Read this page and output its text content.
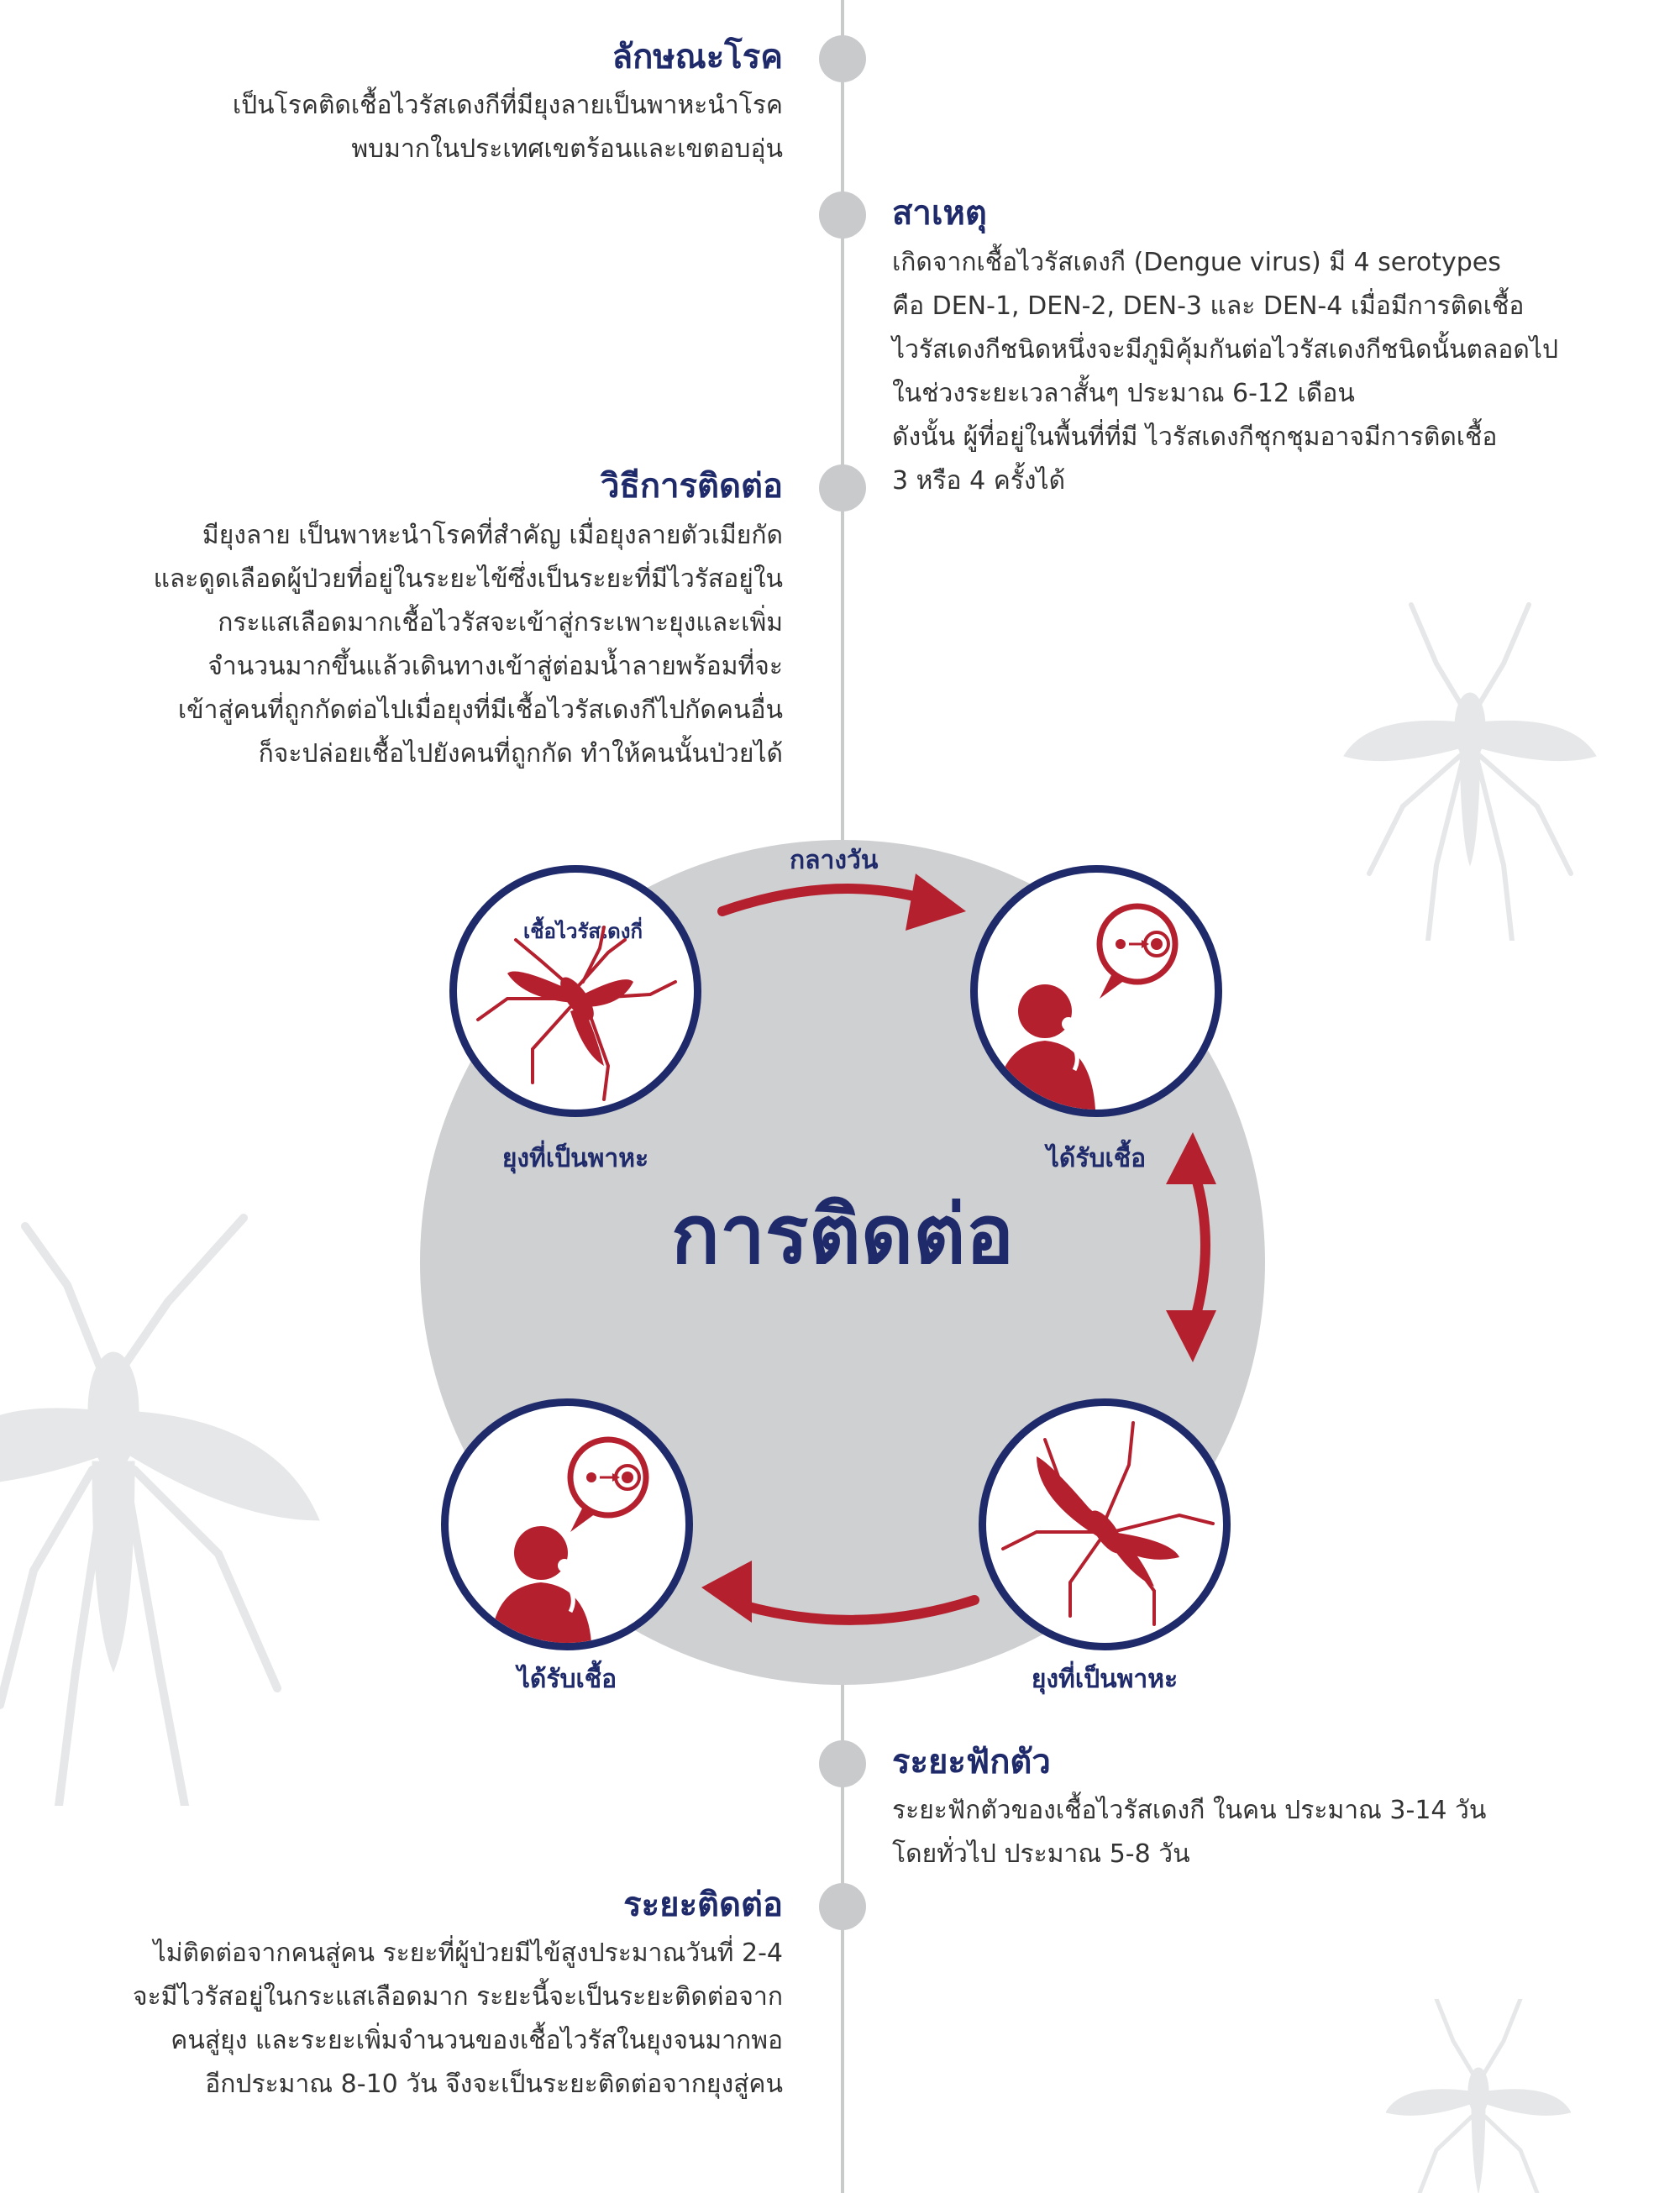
ลักษณะโรค
เป็นโรคติดเชื้อไวรัสเดงกีที่มียุงลายเป็นพาหะนำโรค
พบมากในประเทศเขตร้อนและเขตอบอุ่น
สาเหตุ
เกิดจากเชื้อไวรัสเดงกี (Dengue virus) มี 4 serotypes
คือ DEN-1, DEN-2, DEN-3 และ DEN-4 เมื่อมีการติดเชื้อ
ไวรัสเดงกีชนิดหนึ่งจะมีภูมิคุ้มกันต่อไวรัสเดงกีชนิดนั้นตลอดไป
ในช่วงระยะเวลาสั้นๆ ประมาณ 6-12 เดือน
ดังนั้น ผู้ที่อยู่ในพื้นที่ที่มี ไวรัสเดงกีชุกชุมอาจมีการติดเชื้อ
3 หรือ 4 ครั้งได้
วิธีการติดต่อ
มียุงลาย เป็นพาหะนำโรคที่สำคัญ เมื่อยุงลายตัวเมียกัด
และดูดเลือดผู้ป่วยที่อยู่ในระยะไข้ซึ่งเป็นระยะที่มีไวรัสอยู่ใน
กระแสเลือดมากเชื้อไวรัสจะเข้าสู่กระเพาะยุงและเพิ่ม
จำนวนมากขึ้นแล้วเดินทางเข้าสู่ต่อมน้ำลายพร้อมที่จะ
เข้าสู่คนที่ถูกกัดต่อไปเมื่อยุงที่มีเชื้อไวรัสเดงกีไปกัดคนอื่น
ก็จะปล่อยเชื้อไปยังคนที่ถูกกัด ทำให้คนนั้นป่วยได้
การติดต่อ
กลางวัน
เชื้อไวรัสเดงกี่
ยุงที่เป็นพาหะ	ได้รับเชื้อ
ยุงที่เป็นพาหะ
ได้รับเชื้อ
ระยะฟักตัว
ระยะฟักตัวของเชื้อไวรัสเดงกี ในคน ประมาณ 3-14 วัน
โดยทั่วไป ประมาณ 5-8 วัน
ระยะติดต่อ
ไม่ติดต่อจากคนสู่คน ระยะที่ผู้ป่วยมีไข้สูงประมาณวันที่ 2-4
จะมีไวรัสอยู่ในกระแสเลือดมาก ระยะนี้จะเป็นระยะติดต่อจาก
คนสู่ยุง และระยะเพิ่มจำนวนของเชื้อไวรัสในยุงจนมากพอ
อีกประมาณ 8-10 วัน จึงจะเป็นระยะติดต่อจากยุงสู่คน
